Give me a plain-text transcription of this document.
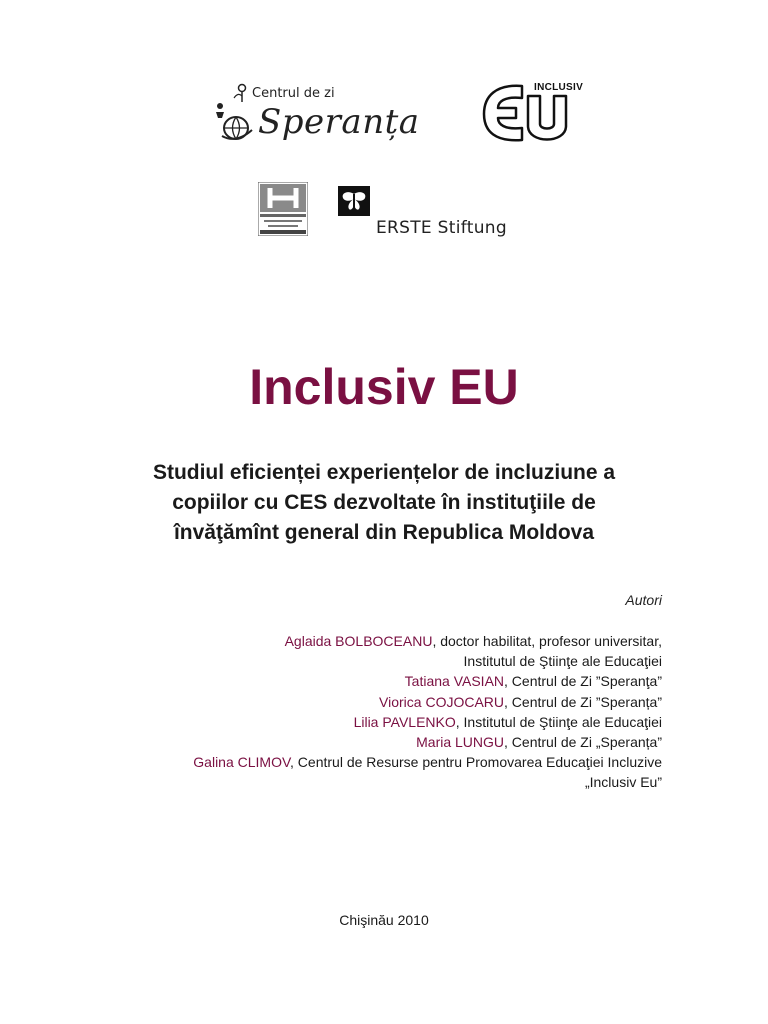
Centrul de zi
Speranța
INCLUSIV
ERSTE Stiftung
Inclusiv EU
Studiul eficienței experiențelor de incluziune a
copiilor cu CES dezvoltate în instituţiile de
învăţămînt general din Republica Moldova
Autori
Aglaida BOLBOCEANU, doctor habilitat, profesor universitar,
Institutul de Ştiinţe ale Educaţiei
Tatiana VASIAN, Centrul de Zi ”Speranţa”
Viorica COJOCARU, Centrul de Zi ”Speranța”
Lilia PAVLENKO, Institutul de Ştiinţe ale Educaţiei
Maria LUNGU, Centrul de Zi „Speranța”
Galina CLIMOV, Centrul de Resurse pentru Promovarea Educaţiei Incluzive
„Inclusiv Eu”
Chişinău 2010
